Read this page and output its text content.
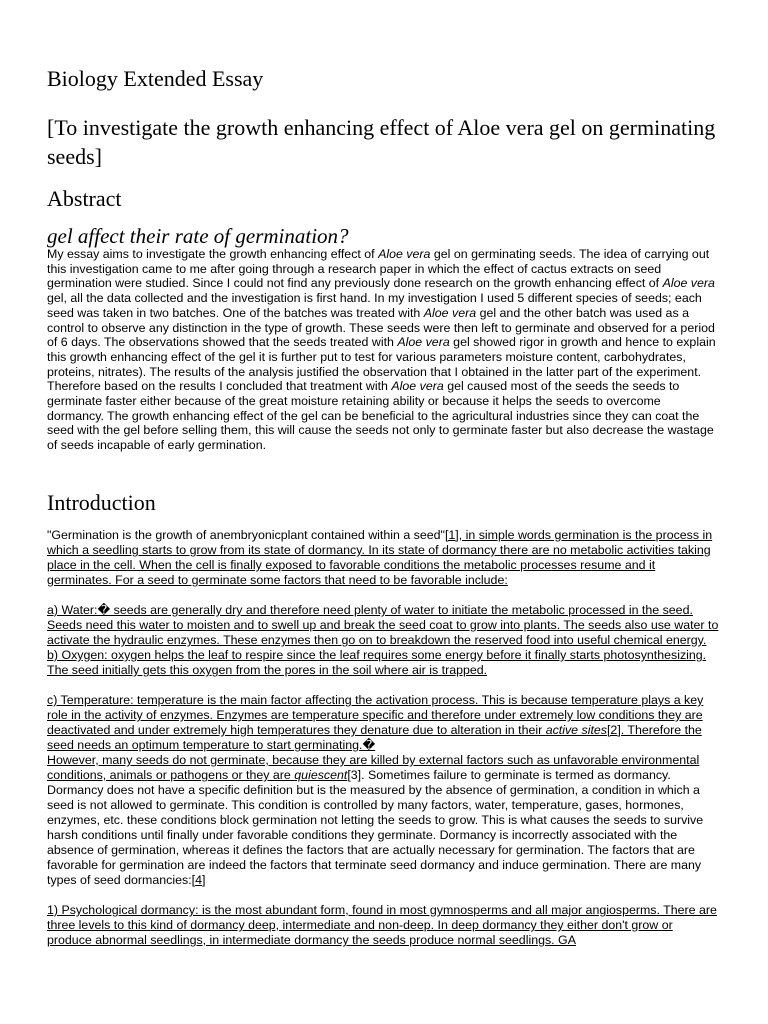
Biology Extended Essay
[To investigate the growth enhancing effect of Aloe vera gel on germinating seeds]
Abstract
gel affect their rate of germination?

My essay aims to investigate the growth enhancing effect of Aloe vera gel on germinating seeds. The idea of carrying out this investigation came to me after going through a research paper in which the effect of cactus extracts on seed germination were studied. Since I could not find any previously done research on the growth enhancing effect of Aloe vera gel, all the data collected and the investigation is first hand. In my investigation I used 5 different species of seeds; each seed was taken in two batches. One of the batches was treated with Aloe vera gel and the other batch was used as a control to observe any distinction in the type of growth. These seeds were then left to germinate and observed for a period of 6 days. The observations showed that the seeds treated with Aloe vera gel showed rigor in growth and hence to explain this growth enhancing effect of the gel it is further put to test for various parameters moisture content, carbohydrates, proteins, nitrates). The results of the analysis justified the observation that I obtained in the latter part of the experiment. Therefore based on the results I concluded that treatment with Aloe vera gel caused most of the seeds the seeds to germinate faster either because of the great moisture retaining ability or because it helps the seeds to overcome dormancy. The growth enhancing effect of the gel can be beneficial to the agricultural industries since they can coat the seed with the gel before selling them, this will cause the seeds not only to germinate faster but also decrease the wastage of seeds incapable of early germination.

Introduction

"Germination is the growth of anembryonicplant contained within a seed"[1], in simple words germination is the process in which a seedling starts to grow from its state of dormancy. In its state of dormancy there are no metabolic activities taking place in the cell. When the cell is finally exposed to favorable conditions the metabolic processes resume and it germinates. For a seed to germinate some factors that need to be favorable include:

a) Water:� seeds are generally dry and therefore need plenty of water to initiate the metabolic processed in the seed. Seeds need this water to moisten and to swell up and break the seed coat to grow into plants. The seeds also use water to activate the hydraulic enzymes. These enzymes then go on to breakdown the reserved food into useful chemical energy.

b) Oxygen: oxygen helps the leaf to respire since the leaf requires some energy before it finally starts photosynthesizing. The seed initially gets this oxygen from the pores in the soil where air is trapped.

c) Temperature: temperature is the main factor affecting the activation process. This is because temperature plays a key role in the activity of enzymes. Enzymes are temperature specific and therefore under extremely low conditions they are deactivated and under extremely high temperatures they denature due to alteration in their active sites[2]. Therefore the seed needs an optimum temperature to start germinating.�

However, many seeds do not germinate, because they are killed by external factors such as unfavorable environmental conditions, animals or pathogens or they are quiescent[3]. Sometimes failure to germinate is termed as dormancy. Dormancy does not have a specific definition but is the measured by the absence of germination, a condition in which a seed is not allowed to germinate. This condition is controlled by many factors, water, temperature, gases, hormones, enzymes, etc. these conditions block germination not letting the seeds to grow. This is what causes the seeds to survive harsh conditions until finally under favorable conditions they germinate. Dormancy is incorrectly associated with the absence of germination, whereas it defines the factors that are actually necessary for germination. The factors that are favorable for germination are indeed the factors that terminate seed dormancy and induce germination. There are many types of seed dormancies:[4]

1) Psychological dormancy: is the most abundant form, found in most gymnosperms and all major angiosperms. There are three levels to this kind of dormancy deep, intermediate and non-deep. In deep dormancy they either don't grow or produce abnormal seedlings, in intermediate dormancy the seeds produce normal seedlings. GA
